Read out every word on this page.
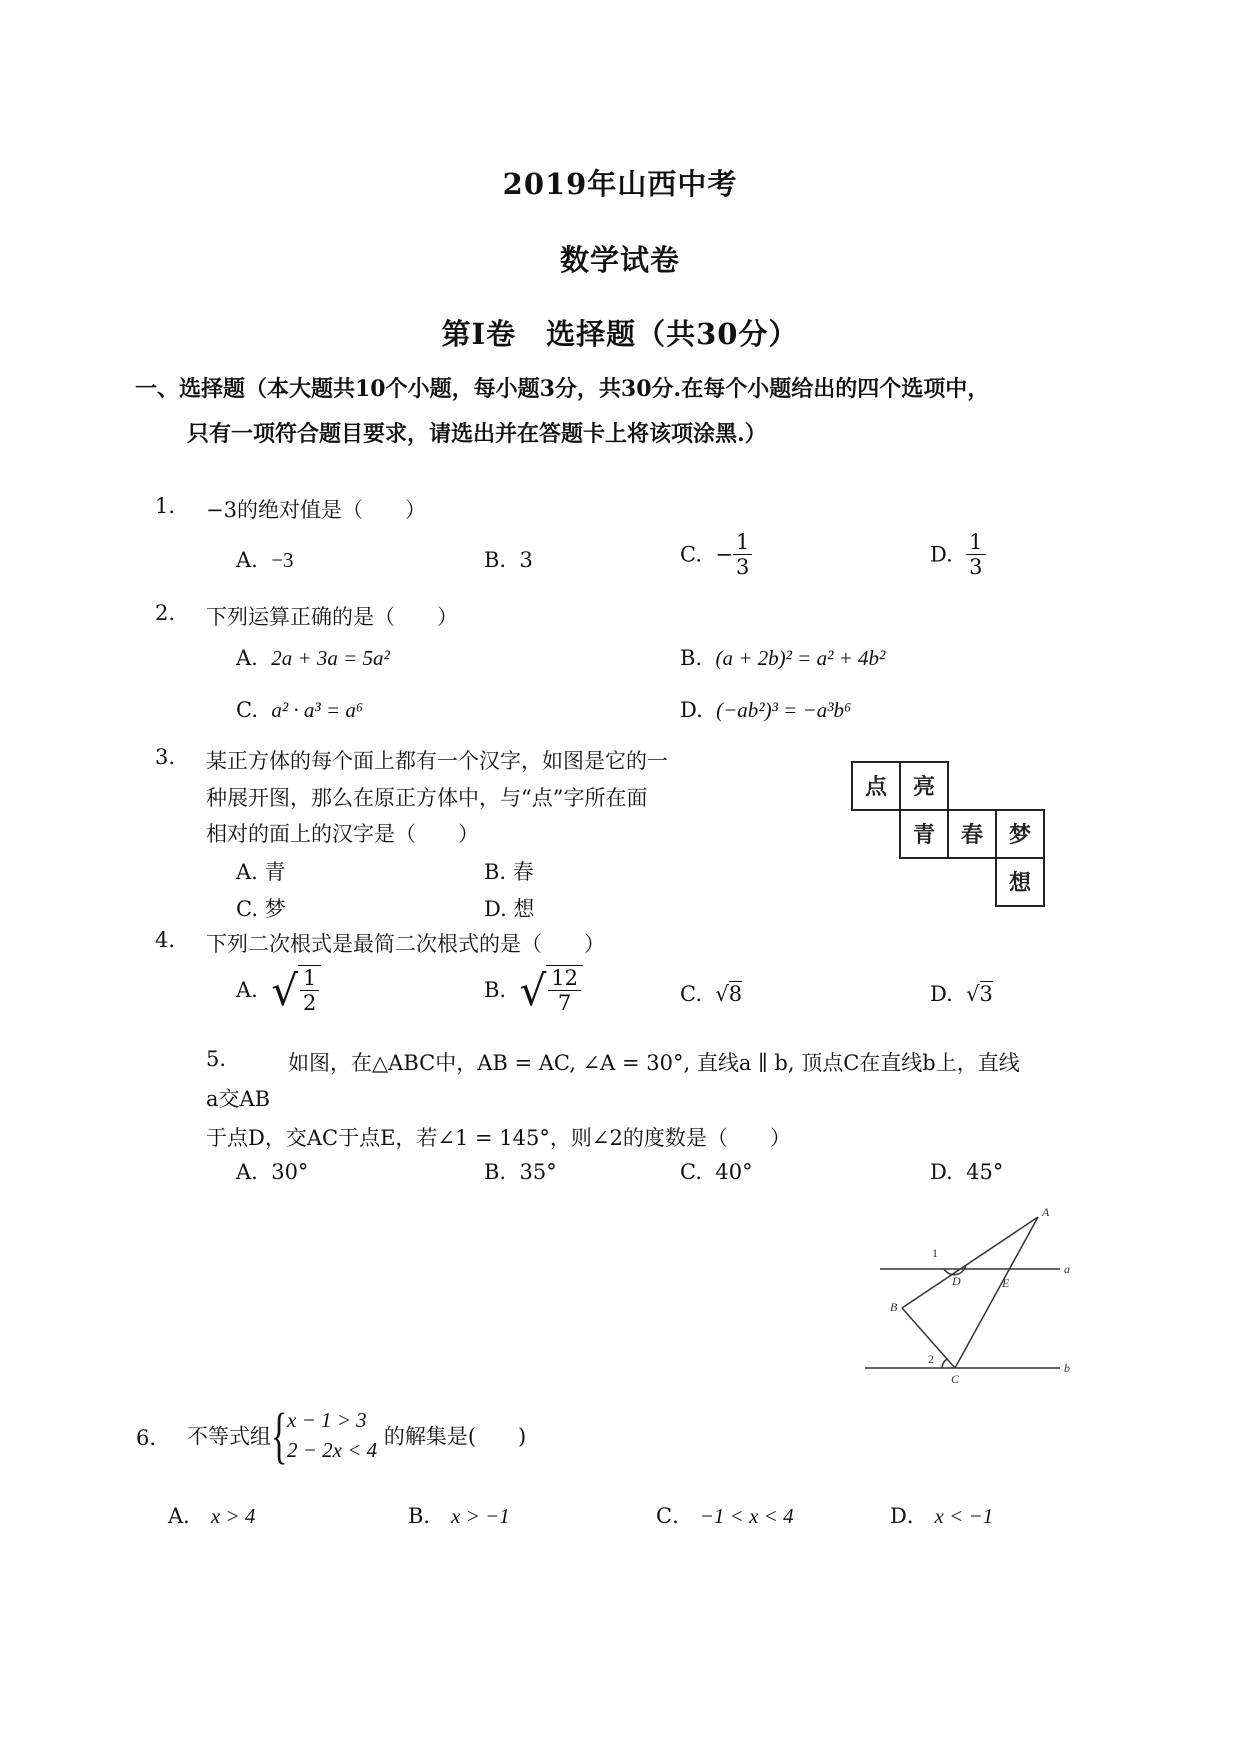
2019年山西中考
数学试卷
第I卷　选择题（共30分）
一、选择题（本大题共10个小题，每小题3分，共30分.在每个小题给出的四个选项中，
只有一项符合题目要求，请选出并在答题卡上将该项涂黑.）
1. −3的绝对值是（　　）
A. −3	B. 3	C. − $\frac{1}{3}$	D. $\frac{1}{3}$
2. 下列运算正确的是（　　）
A. 2a + 3a = 5a²	B. (a + 2b)² = a² + 4b²
C. a² · a³ = a⁶	D. (−ab²)³ = −a³b⁶
3. 某正方体的每个面上都有一个汉字，如图是它的一
种展开图，那么在原正方体中，与“点”字所在面
相对的面上的汉字是（　　）
A. 青	B. 春
C. 梦	D. 想
点 亮
青 春 梦
想
4. 下列二次根式是最简二次根式的是（　　）
A. √ $\frac{1}{2}$	B. √ $\frac{12}{7}$	C.  √8	D.  √3
5.	如图，在△ABC中，AB = AC, ∠A = 30°, 直线a ∥ b, 顶点C在直线b上，直线
a交AB
于点D，交AC于点E，若∠1 = 145°，则∠2的度数是（　　）
A. 30°	B. 35°	C. 40°	D. 45°
A
B
C
D	E
a
b
1
2
6. 不等式组 { x − 1 > 3
2 − 2x < 4
的解集是(　　)
A． x > 4	B． x > −1	C． −1 < x < 4	D． x < −1
